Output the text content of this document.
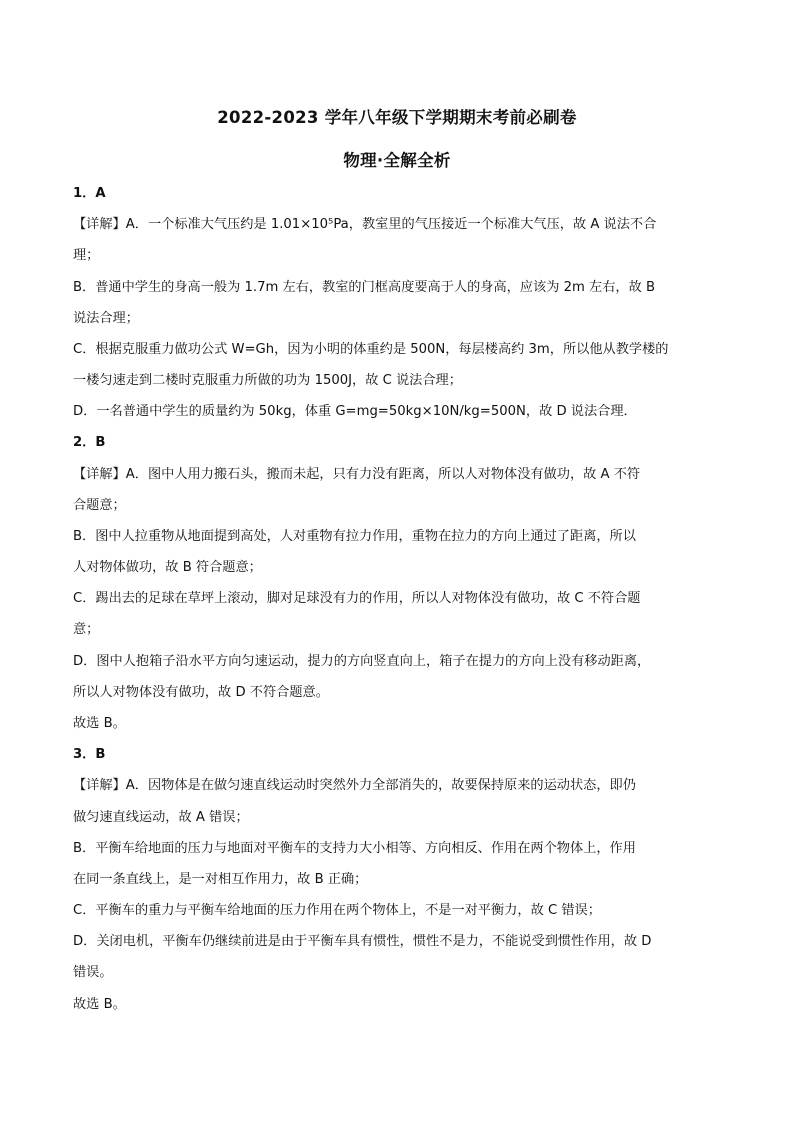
2022-2023 学年八年级下学期期末考前必刷卷
物理·全解全析
1．A
【详解】A．一个标准大气压约是 1.01×10⁵Pa，教室里的气压接近一个标准大气压，故 A 说法不合
理；
B．普通中学生的身高一般为 1.7m 左右，教室的门框高度要高于人的身高，应该为 2m 左右，故 B
说法合理；
C．根据克服重力做功公式 W=Gh，因为小明的体重约是 500N，每层楼高约 3m，所以他从教学楼的
一楼匀速走到二楼时克服重力所做的功为 1500J，故 C 说法合理；
D．一名普通中学生的质量约为 50kg，体重 G=mg=50kg×10N/kg=500N，故 D 说法合理．
2．B
【详解】A．图中人用力搬石头，搬而未起，只有力没有距离，所以人对物体没有做功，故 A 不符
合题意；
B．图中人拉重物从地面提到高处，人对重物有拉力作用，重物在拉力的方向上通过了距离，所以
人对物体做功，故 B 符合题意；
C．踢出去的足球在草坪上滚动，脚对足球没有力的作用，所以人对物体没有做功，故 C 不符合题
意；
D．图中人抱箱子沿水平方向匀速运动，提力的方向竖直向上，箱子在提力的方向上没有移动距离，
所以人对物体没有做功，故 D 不符合题意。
故选 B。
3．B
【详解】A．因物体是在做匀速直线运动时突然外力全部消失的，故要保持原来的运动状态，即仍
做匀速直线运动，故 A 错误；
B．平衡车给地面的压力与地面对平衡车的支持力大小相等、方向相反、作用在两个物体上，作用
在同一条直线上，是一对相互作用力，故 B 正确；
C．平衡车的重力与平衡车给地面的压力作用在两个物体上，不是一对平衡力，故 C 错误；
D．关闭电机，平衡车仍继续前进是由于平衡车具有惯性，惯性不是力，不能说受到惯性作用，故 D
错误。
故选 B。
